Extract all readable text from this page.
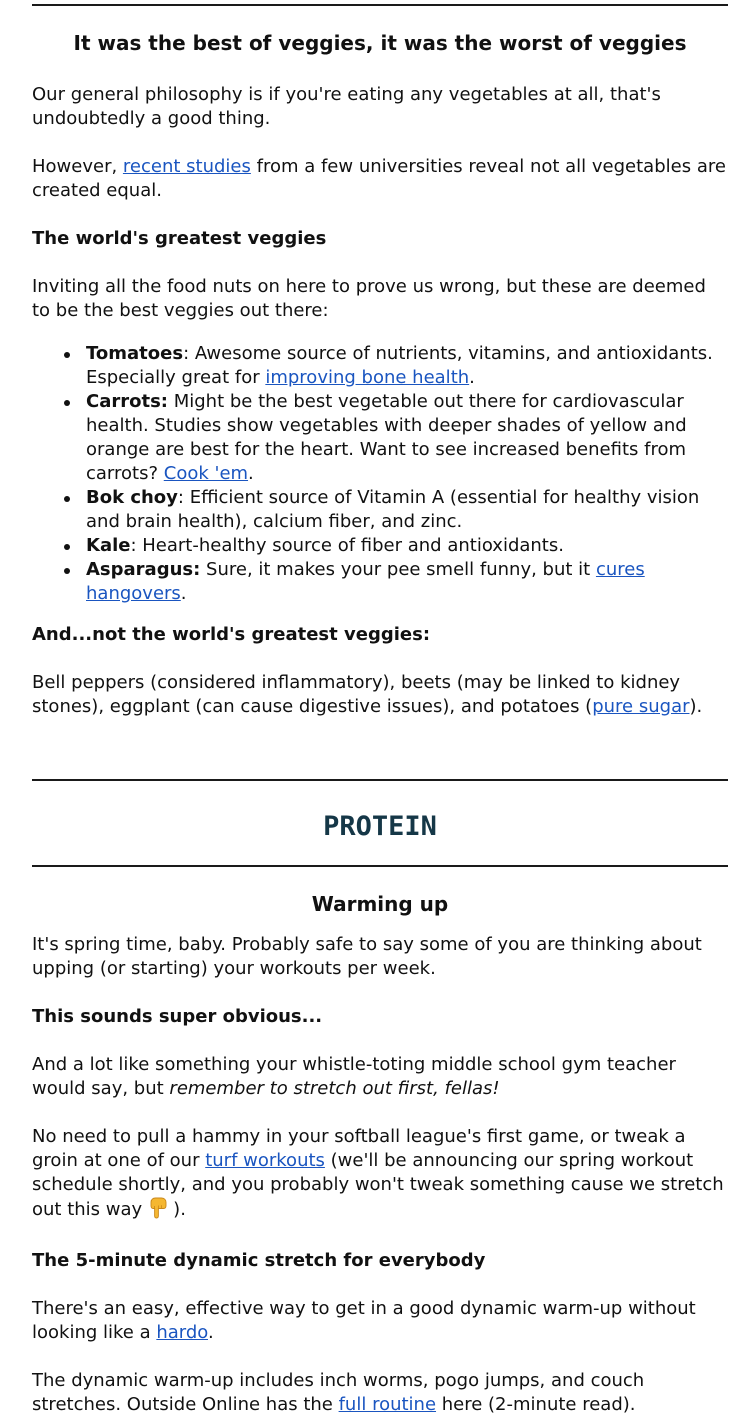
It was the best of veggies, it was the worst of veggies

Our general philosophy is if you're eating any vegetables at all, that's undoubtedly a good thing.

However, recent studies from a few universities reveal not all vegetables are created equal.

The world's greatest veggies

Inviting all the food nuts on here to prove us wrong, but these are deemed to be the best veggies out there:

Tomatoes: Awesome source of nutrients, vitamins, and antioxidants. Especially great for improving bone health.
Carrots: Might be the best vegetable out there for cardiovascular health. Studies show vegetables with deeper shades of yellow and orange are best for the heart. Want to see increased benefits from carrots? Cook 'em.
Bok choy: Efficient source of Vitamin A (essential for healthy vision and brain health), calcium fiber, and zinc.
Kale: Heart-healthy source of fiber and antioxidants.
Asparagus: Sure, it makes your pee smell funny, but it cures hangovers.

And...not the world's greatest veggies:

Bell peppers (considered inflammatory), beets (may be linked to kidney stones), eggplant (can cause digestive issues), and potatoes (pure sugar).

PROTEIN
Warming up

It's spring time, baby. Probably safe to say some of you are thinking about upping (or starting) your workouts per week.

This sounds super obvious...

And a lot like something your whistle-toting middle school gym teacher would say, but remember to stretch out first, fellas!

No need to pull a hammy in your softball league's first game, or tweak a groin at one of our turf workouts (we'll be announcing our spring workout schedule shortly, and you probably won't tweak something cause we stretch out this way ).

The 5-minute dynamic stretch for everybody

There's an easy, effective way to get in a good dynamic warm-up without looking like a hardo.

The dynamic warm-up includes inch worms, pogo jumps, and couch stretches. Outside Online has the full routine here (2-minute read).
